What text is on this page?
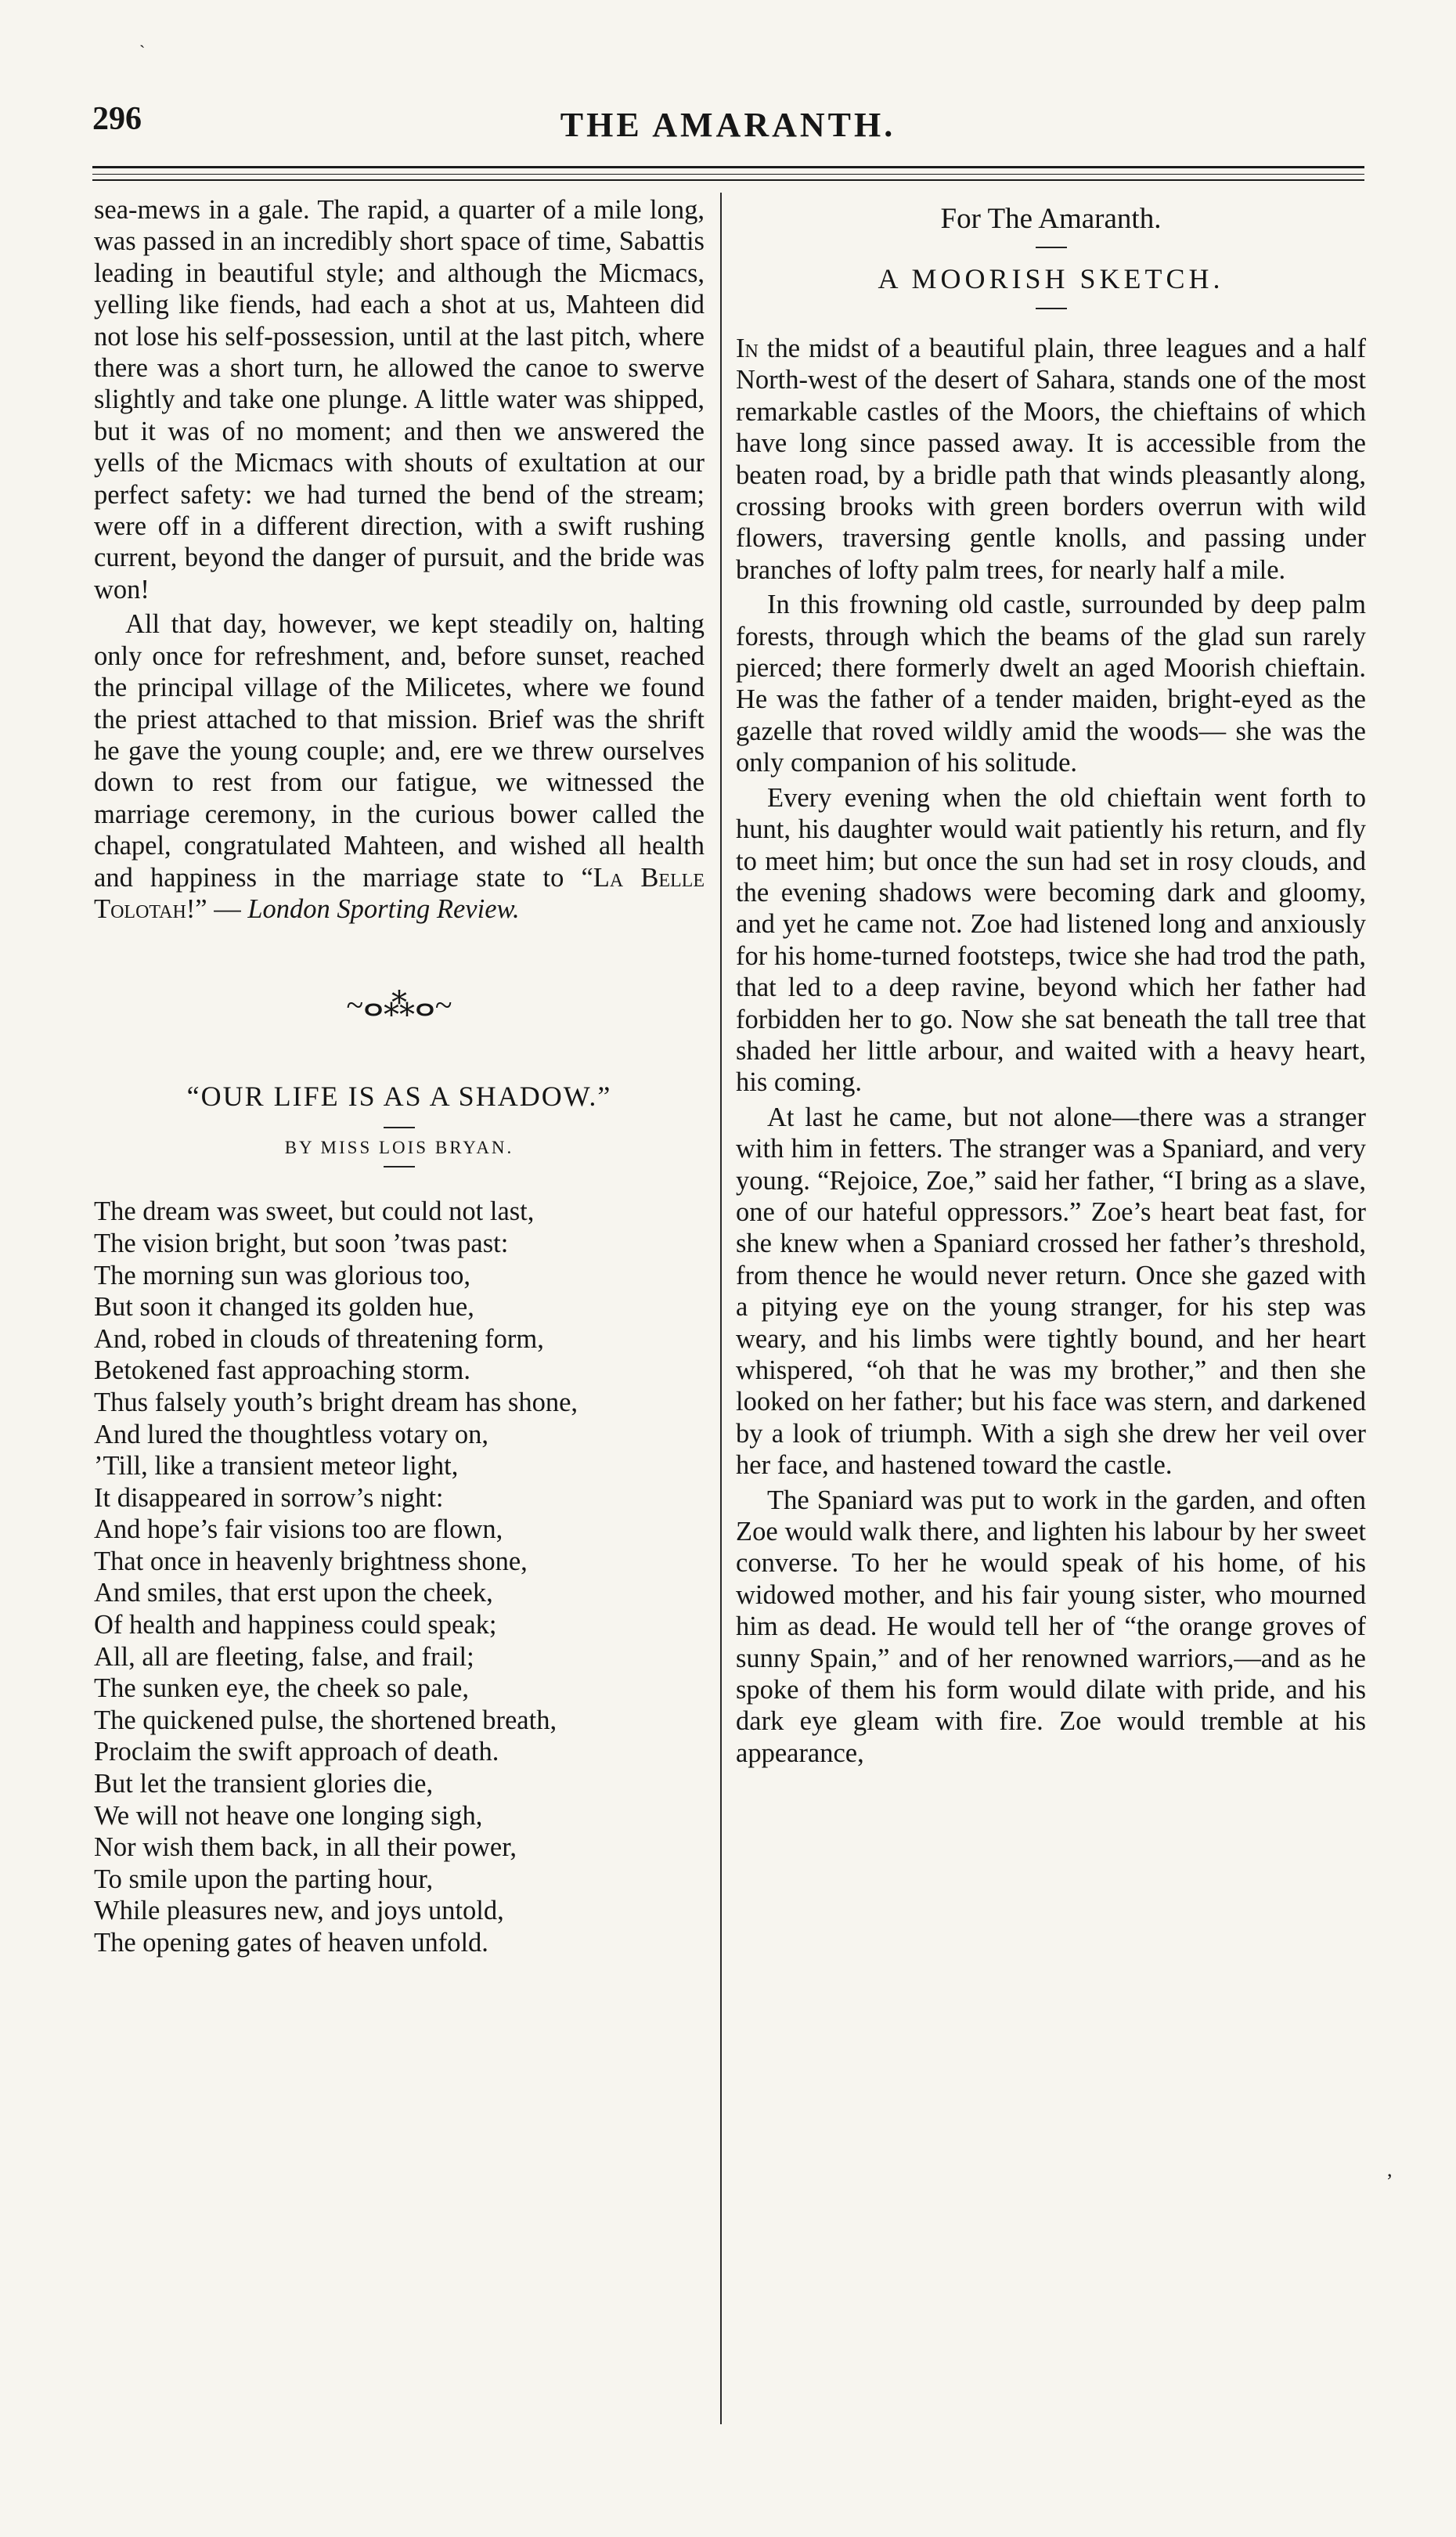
ˏ
296	THE AMARANTH.

sea-mews in a gale. The rapid, a quarter of a mile long, was passed in an incredibly short space of time, Sabattis leading in beautiful style; and although the Micmacs, yelling like fiends, had each a shot at us, Mahteen did not lose his self-possession, until at the last pitch, where there was a short turn, he allowed the canoe to swerve slightly and take one plunge. A little water was shipped, but it was of no moment; and then we answered the yells of the Micmacs with shouts of exultation at our perfect safety: we had turned the bend of the stream; were off in a different direction, with a swift rushing current, beyond the danger of pursuit, and the bride was won!

All that day, however, we kept steadily on, halting only once for refreshment, and, before sunset, reached the principal village of the Milicetes, where we found the priest attached to that mission. Brief was the shrift he gave the young couple; and, ere we threw ourselves down to rest from our fatigue, we witnessed the marriage ceremony, in the curious bower called the chapel, congratulated Mahteen, and wished all health and happiness in the marriage state to “La Belle Tolotah!” — London Sporting Review.

~ⴰ⁂ⴰ~
“OUR LIFE IS AS A SHADOW.”
BY MISS LOIS BRYAN.
The dream was sweet, but could not last,
The vision bright, but soon ’twas past:
The morning sun was glorious too,
But soon it changed its golden hue,
And, robed in clouds of threatening form,
Betokened fast approaching storm.
Thus falsely youth’s bright dream has shone,
And lured the thoughtless votary on,
’Till, like a transient meteor light,
It disappeared in sorrow’s night:
And hope’s fair visions too are flown,
That once in heavenly brightness shone,
And smiles, that erst upon the cheek,
Of health and happiness could speak;
All, all are fleeting, false, and frail;
The sunken eye, the cheek so pale,
The quickened pulse, the shortened breath,
Proclaim the swift approach of death.
But let the transient glories die,
We will not heave one longing sigh,
Nor wish them back, in all their power,
To smile upon the parting hour,
While pleasures new, and joys untold,
The opening gates of heaven unfold.
For The Amaranth.
A MOORISH SKETCH.

In the midst of a beautiful plain, three leagues and a half North-west of the desert of Sahara, stands one of the most remarkable castles of the Moors, the chieftains of which have long since passed away. It is accessible from the beaten road, by a bridle path that winds pleasantly along, crossing brooks with green borders overrun with wild flowers, traversing gentle knolls, and passing under branches of lofty palm trees, for nearly half a mile.

In this frowning old castle, surrounded by deep palm forests, through which the beams of the glad sun rarely pierced; there formerly dwelt an aged Moorish chieftain. He was the father of a tender maiden, bright-eyed as the gazelle that roved wildly amid the woods— she was the only companion of his solitude.

Every evening when the old chieftain went forth to hunt, his daughter would wait patiently his return, and fly to meet him; but once the sun had set in rosy clouds, and the evening shadows were becoming dark and gloomy, and yet he came not. Zoe had listened long and anxiously for his home-turned footsteps, twice she had trod the path, that led to a deep ravine, beyond which her father had forbidden her to go. Now she sat beneath the tall tree that shaded her little arbour, and waited with a heavy heart, his coming.

At last he came, but not alone—there was a stranger with him in fetters. The stranger was a Spaniard, and very young. “Rejoice, Zoe,” said her father, “I bring as a slave, one of our hateful oppressors.” Zoe’s heart beat fast, for she knew when a Spaniard crossed her father’s threshold, from thence he would never return. Once she gazed with a pitying eye on the young stranger, for his step was weary, and his limbs were tightly bound, and her heart whispered, “oh that he was my brother,” and then she looked on her father; but his face was stern, and darkened by a look of triumph. With a sigh she drew her veil over her face, and hastened toward the castle.

The Spaniard was put to work in the garden, and often Zoe would walk there, and lighten his labour by her sweet converse. To her he would speak of his home, of his widowed mother, and his fair young sister, who mourned him as dead. He would tell her of “the orange groves of sunny Spain,” and of her renowned warriors,—and as he spoke of them his form would dilate with pride, and his dark eye gleam with fire. Zoe would tremble at his appearance,

,
